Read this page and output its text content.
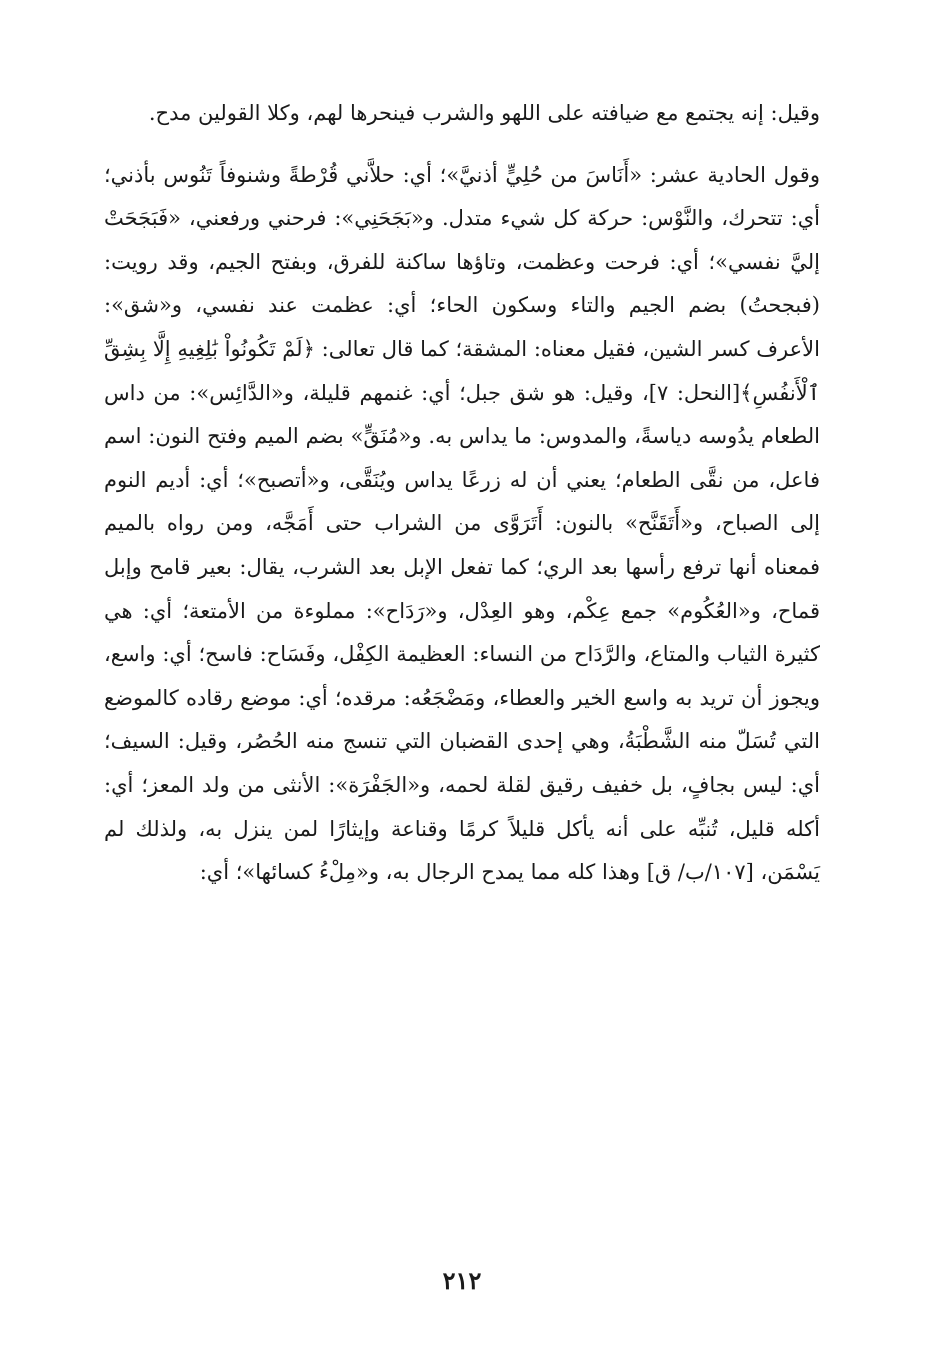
وقيل: إنه يجتمع مع ضيافته على اللهو والشرب فينحرها لهم، وكلا القولين مدح.

وقول الحادية عشر: «أَنَاسَ من حُلِيٍّ أذنيَّ»؛ أي: حلاَّني قُرْطةً وشنوفاً تَنُوس بأذني؛ أي: تتحرك، والنَّوْس: حركة كل شيء متدل. و«بَجَحَنِي»: فرحني ورفعني، «فَبَجَحَتْ إليَّ نفسي»؛ أي: فرحت وعظمت، وتاؤها ساكنة للفرق، وبفتح الجيم، وقد رويت: (فبجحتُ) بضم الجيم والتاء وسكون الحاء؛ أي: عظمت عند نفسي، و«شق»: الأعرف كسر الشين، فقيل معناه: المشقة؛ كما قال تعالى: ﴿لَمْ تَكُونُواْ بَٰلِغِيهِ إِلَّا بِشِقِّ ٱلْأَنفُسِ﴾[النحل: ٧]، وقيل: هو شق جبل؛ أي: غنمهم قليلة، و«الدَّائِس»: من داس الطعام يدُوسه دياسةً، والمدوس: ما يداس به. و«مُنَقٍّ» بضم الميم وفتح النون: اسم فاعل، من نقَّى الطعام؛ يعني أن له زرعًا يداس ويُنَقَّى، و«أتصبح»؛ أي: أديم النوم إلى الصباح، و«أَتَقَنَّح» بالنون: أَتَرَوَّى من الشراب حتى أَمَجَّه، ومن رواه بالميم فمعناه أنها ترفع رأسها بعد الري؛ كما تفعل الإبل بعد الشرب، يقال: بعير قامح وإبل قماح، و«العُكُوم» جمع عِكْم، وهو العِدْل، و«رَدَاح»: مملوءة من الأمتعة؛ أي: هي كثيرة الثياب والمتاع، والرَّدَاح من النساء: العظيمة الكِفْل، وفَسَاح: فاسح؛ أي: واسع، ويجوز أن تريد به واسع الخير والعطاء، ومَضْجَعُه: مرقده؛ أي: موضع رقاده كالموضع التي تُسَلّ منه الشَّطْبَةُ، وهي إحدى القضبان التي تنسج منه الحُصُر، وقيل: السيف؛ أي: ليس بجافٍ، بل خفيف رقيق لقلة لحمه، و«الجَفْرَة»: الأنثى من ولد المعز؛ أي: أكله قليل، تُنبِّه على أنه يأكل قليلاً كرمًا وقناعة وإيثارًا لمن ينزل به، ولذلك لم يَسْمَن، [١٠٧/ب/ ق] وهذا كله مما يمدح الرجال به، و«مِلْءُ كسائها»؛ أي:

٢١٢
